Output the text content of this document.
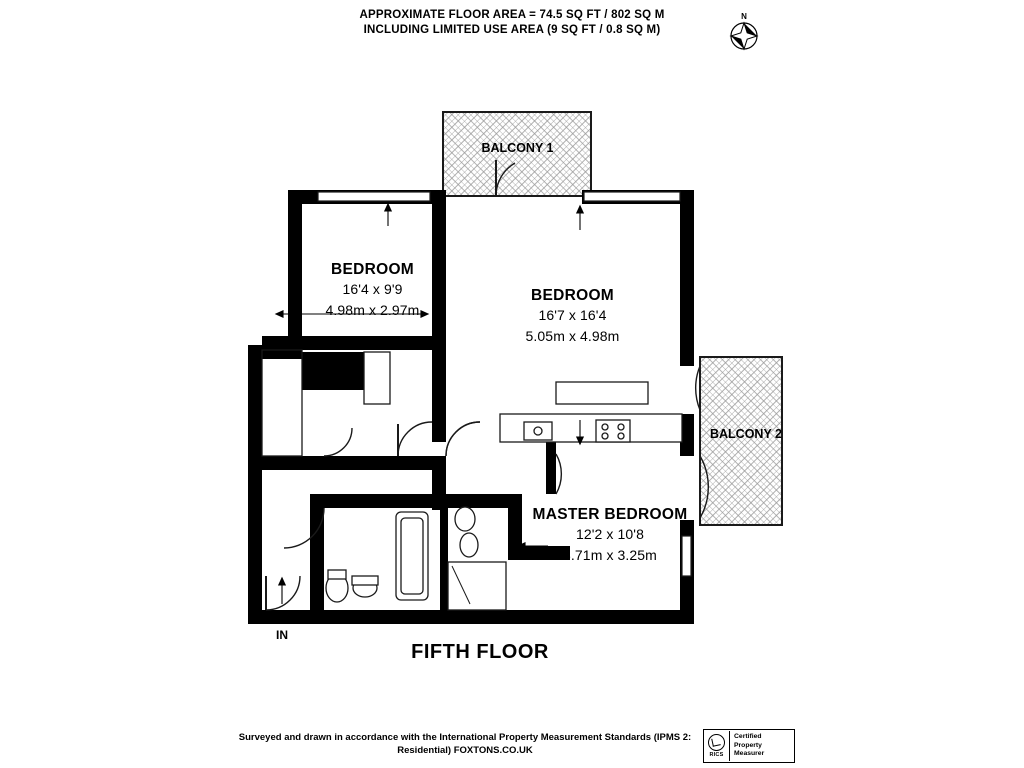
APPROXIMATE FLOOR AREA = 74.5 SQ FT / 802 SQ M
INCLUDING LIMITED USE AREA (9 SQ FT / 0.8 SQ M)
N
BEDROOM
16'4 x 9'9
4.98m x 2.97m
BEDROOM
16'7 x 16'4
5.05m x 4.98m
MASTER BEDROOM
12'2 x 10'8
3.71m x 3.25m
BALCONY 1
BALCONY 2
IN
FIFTH FLOOR
Surveyed and drawn in accordance with the International Property Measurement Standards (IPMS 2:
Residential) FOXTONS.CO.UK	RICS
Certified
Property
Measurer
